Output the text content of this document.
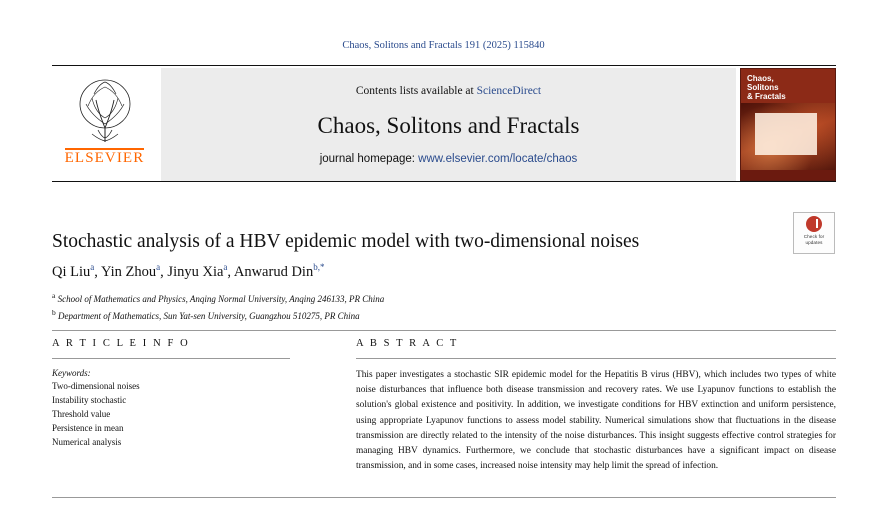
Chaos, Solitons and Fractals 191 (2025) 115840
ELSEVIER
Contents lists available at ScienceDirect
Chaos, Solitons and Fractals
journal homepage: www.elsevier.com/locate/chaos
Chaos,
Solitons
& Fractals
Stochastic analysis of a HBV epidemic model with two-dimensional noises
Qi Liu$^a$, Yin Zhou$^a$, Jinyu Xia$^a$, Anwarud Din$^{b,*}$
$^a$ School of Mathematics and Physics, Anqing Normal University, Anqing 246133, PR China
$^b$ Department of Mathematics, Sun Yat-sen University, Guangzhou 510275, PR China
Check for
updates
A R T I C L E I N F O
Keywords:
Two-dimensional noises
Instability stochastic
Threshold value
Persistence in mean
Numerical analysis
A B S T R A C T
This paper investigates a stochastic SIR epidemic model for the Hepatitis B virus (HBV), which includes two types of white noise disturbances that influence both disease transmission and recovery rates. We use Lyapunov functions to establish the solution's global existence and positivity. In addition, we investigate conditions for HBV extinction and uniform persistence, using appropriate Lyapunov functions to assess model stability. Numerical simulations show that fluctuations in the disease transmission are directly related to the intensity of the noise disturbances. This insight suggests effective control strategies for managing HBV dynamics. Furthermore, we conclude that stochastic disturbances have a significant impact on disease transmission, and in some cases, increased noise intensity may help limit the spread of infection.
